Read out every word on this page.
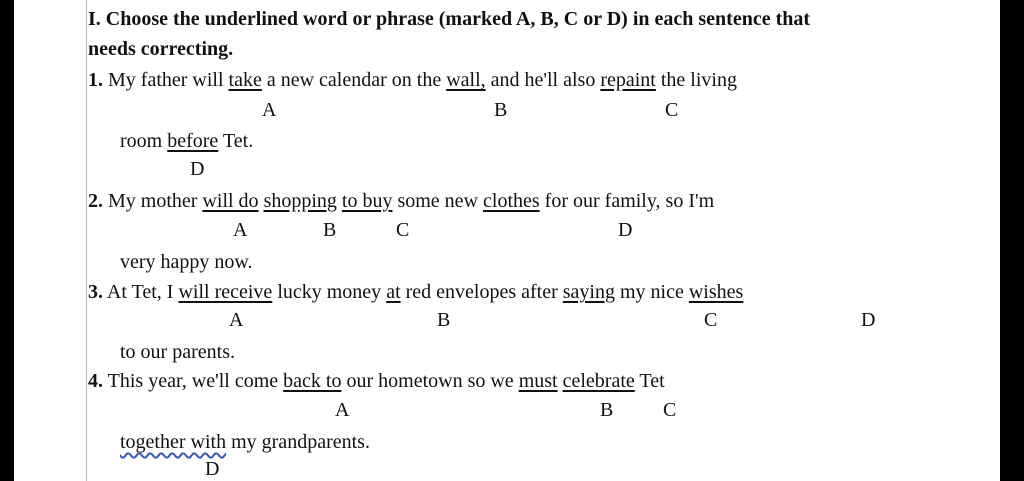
I. Choose the underlined word or phrase (marked A, B, C or D) in each sentence that
needs correcting.
1. My father will take a new calendar on the wall, and he'll also repaint the living
A	B	C
room before Tet.
D
2. My mother will do shopping to buy some new clothes for our family, so I'm
A	B	C	D
very happy now.
3. At Tet, I will receive lucky money at red envelopes after saying my nice wishes
A	B	C	D
to our parents.
4. This year, we'll come back to our hometown so we must celebrate Tet
A	B C
together with my grandparents.
D
